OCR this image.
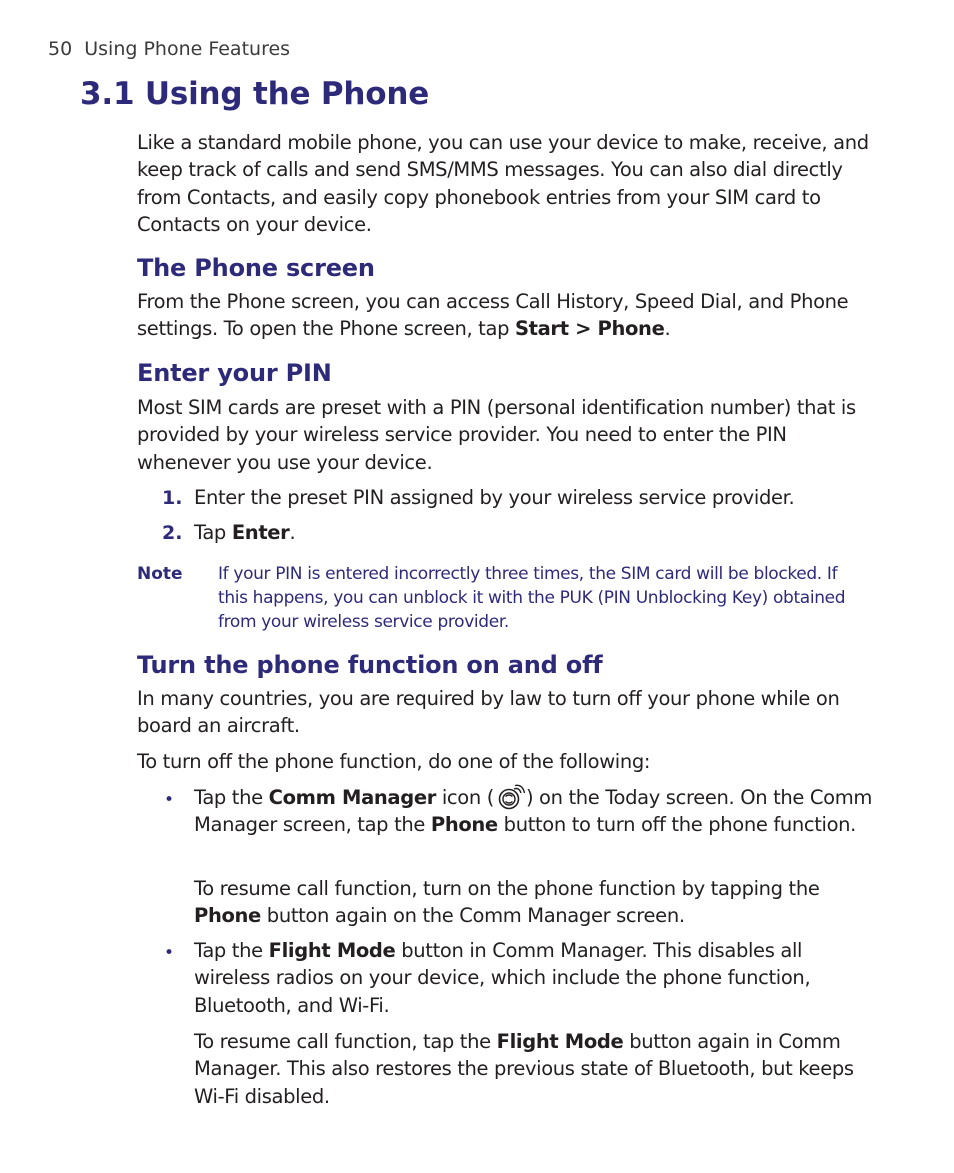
50 Using Phone Features
3.1 Using the Phone

Like a standard mobile phone, you can use your device to make, receive, and keep track of calls and send SMS/MMS messages. You can also dial directly from Contacts, and easily copy phonebook entries from your SIM card to Contacts on your device.

The Phone screen

From the Phone screen, you can access Call History, Speed Dial, and Phone settings. To open the Phone screen, tap Start > Phone.

Enter your PIN

Most SIM cards are preset with a PIN (personal identification number) that is provided by your wireless service provider. You need to enter the PIN whenever you use your device.

1. Enter the preset PIN assigned by your wireless service provider.

2. Tap Enter.

Note If your PIN is entered incorrectly three times, the SIM card will be blocked. If this happens, you can unblock it with the PUK (PIN Unblocking Key) obtained from your wireless service provider.

Turn the phone function on and off

In many countries, you are required by law to turn off your phone while on board an aircraft.

To turn off the phone function, do one of the following:

• Tap the Comm Manager icon ( ) on the Today screen. On the Comm Manager screen, tap the Phone button to turn off the phone function.

To resume call function, turn on the phone function by tapping the Phone button again on the Comm Manager screen.

• Tap the Flight Mode button in Comm Manager. This disables all wireless radios on your device, which include the phone function, Bluetooth, and Wi-Fi.

To resume call function, tap the Flight Mode button again in Comm Manager. This also restores the previous state of Bluetooth, but keeps Wi-Fi disabled.
